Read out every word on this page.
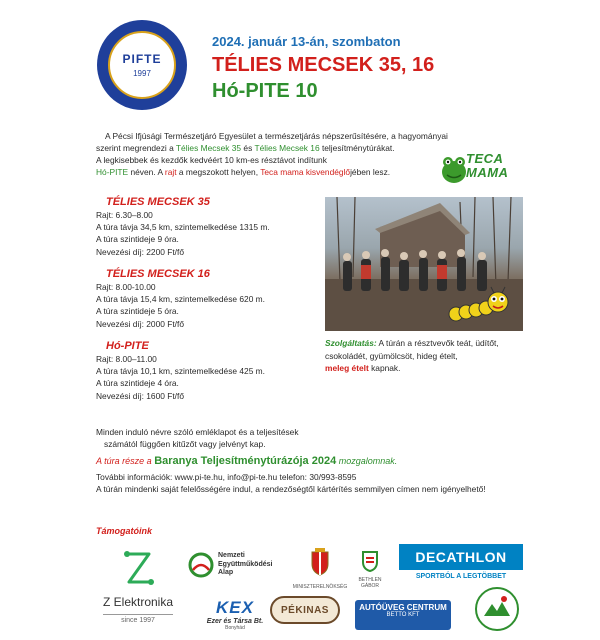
PIFTE
1997
2024. január 13-án, szombaton
TÉLIES MECSEK 35, 16
Hó-PITE 10

A Pécsi Ifjúsági Természetjáró Egyesület a természetjárás népszerűsítésére, a hagyományai

szerint megrendezi a Télies Mecsek 35 és Télies Mecsek 16 teljesítménytúrákat.

A legkisebbek és kezdők kedvéért 10 km-es résztávot indítunk

Hó-PITE néven. A rajt a megszokott helyen, Teca mama kisvendéglőjében lesz.

TECA
MAMA
TÉLIES MECSEK 35
Rajt: 6.30–8.00
A túra távja 34,5 km, szintemelkedése 1315 m.
A túra szintideje 9 óra.
Nevezési díj: 2200 Ft/fő
TÉLIES MECSEK 16
Rajt: 8.00-10.00
A túra távja 15,4 km, szintemelkedése 620 m.
A túra szintideje 5 óra.
Nevezési díj: 2000 Ft/fő
Hó-PITE
Rajt: 8.00–11.00
A túra távja 10,1 km, szintemelkedése 425 m.
A túra szintideje 4 óra.
Nevezési díj: 1600 Ft/fő
Szolgáltatás: A túrán a résztvevők teát, üdítőt,
csokoládét, gyümölcsöt, hideg ételt,
meleg ételt kapnak.
Minden induló névre szóló emléklapot és a teljesítések
számától függően kitűzőt vagy jelvényt kap.
A túra része a Baranya Teljesítménytúrázója 2024 mozgalomnak.
További információk: www.pi-te.hu, info@pi-te.hu telefon: 30/993-8595
A túrán mindenki saját felelősségére indul, a rendezőségtől kártérítés semmilyen címen nem igényelhető!
Támogatóink
Z Elektronika
since 1997
Nemzeti
Együttműködési
Alap
MINISZTERELNÖKSÉG
BETHLEN GÁBOR
DECATHLON
SPORTBÓL A LEGTÖBBET
KEX
Ezer és Társa Bt.
Bonyhád
PÉKINAS	AUTÓÜVEG CENTRUM
BETTO KFT
